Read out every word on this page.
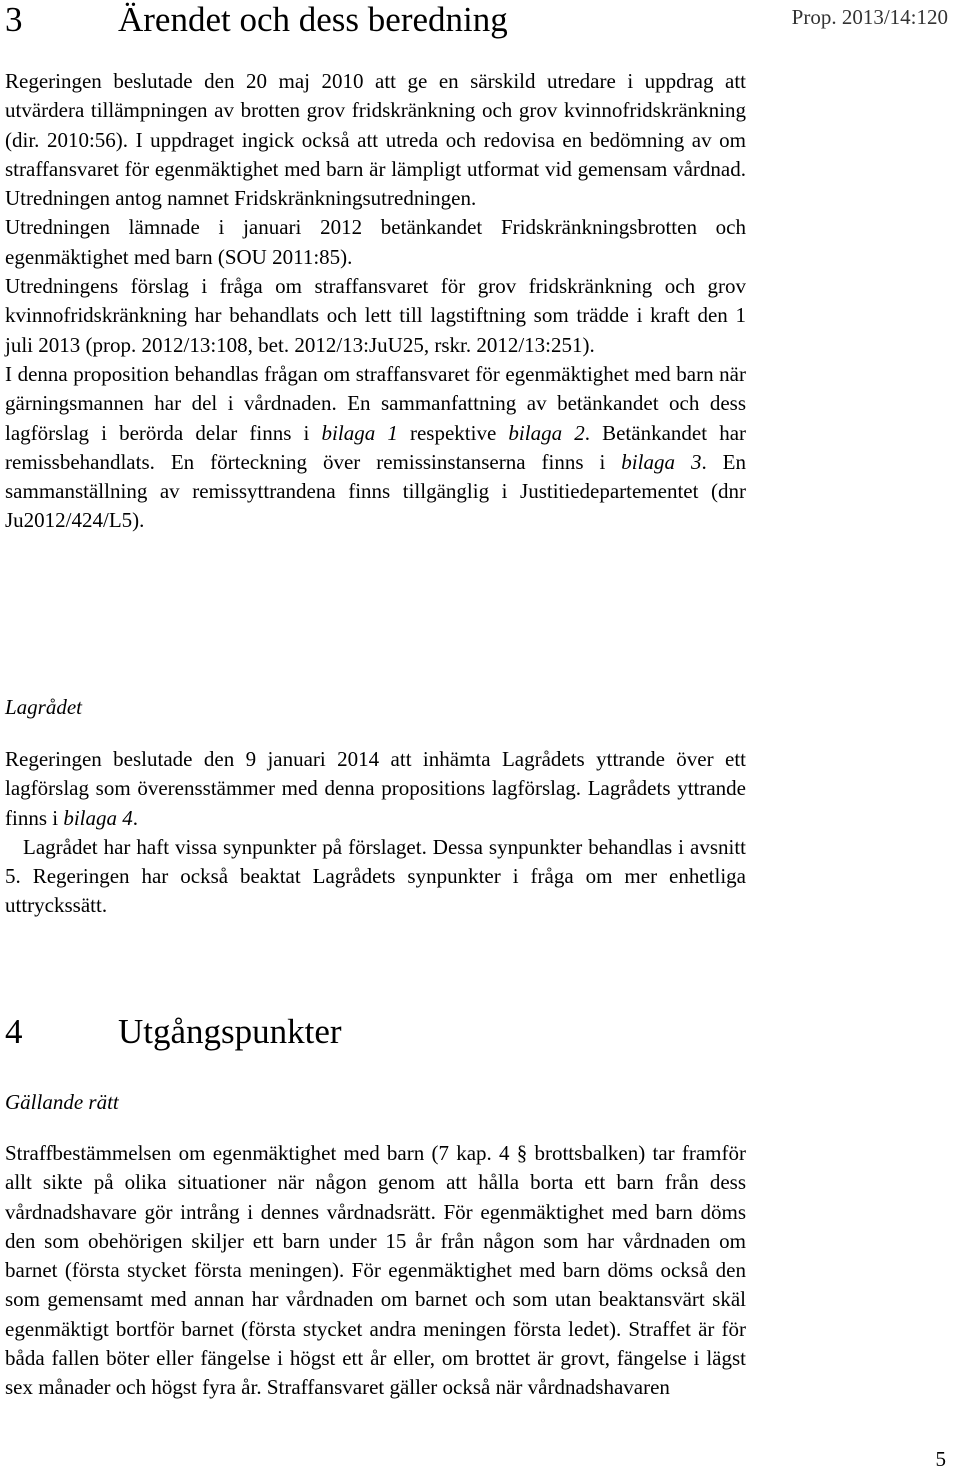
Prop. 2013/14:120
3	Ärendet och dess beredning

Regeringen beslutade den 20 maj 2010 att ge en särskild utredare i uppdrag att utvärdera tillämpningen av brotten grov fridskränkning och grov kvinnofridskränkning (dir. 2010:56). I uppdraget ingick också att utreda och redovisa en bedömning av om straffansvaret för egenmäktighet med barn är lämpligt utformat vid gemensam vårdnad. Utredningen antog namnet Fridskränkningsutredningen.

Utredningen lämnade i januari 2012 betänkandet Fridskränkningsbrotten och egenmäktighet med barn (SOU 2011:85).

Utredningens förslag i fråga om straffansvaret för grov fridskränkning och grov kvinnofridskränkning har behandlats och lett till lagstiftning som trädde i kraft den 1 juli 2013 (prop. 2012/13:108, bet. 2012/13:JuU25, rskr. 2012/13:251).

I denna proposition behandlas frågan om straffansvaret för egenmäktighet med barn när gärningsmannen har del i vårdnaden. En sammanfattning av betänkandet och dess lagförslag i berörda delar finns i bilaga 1 respektive bilaga 2. Betänkandet har remissbehandlats. En förteckning över remissinstanserna finns i bilaga 3. En sammanställning av remissyttrandena finns tillgänglig i Justitiedepartementet (dnr Ju2012/424/L5).

Lagrådet

Regeringen beslutade den 9 januari 2014 att inhämta Lagrådets yttrande över ett lagförslag som överensstämmer med denna propositions lagförslag. Lagrådets yttrande finns i bilaga 4.

Lagrådet har haft vissa synpunkter på förslaget. Dessa synpunkter behandlas i avsnitt 5. Regeringen har också beaktat Lagrådets synpunkter i fråga om mer enhetliga uttryckssätt.

4	Utgångspunkter
Gällande rätt

Straffbestämmelsen om egenmäktighet med barn (7 kap. 4 § brottsbalken) tar framför allt sikte på olika situationer när någon genom att hålla borta ett barn från dess vårdnadshavare gör intrång i dennes vårdnadsrätt. För egenmäktighet med barn döms den som obehörigen skiljer ett barn under 15 år från någon som har vårdnaden om barnet (första stycket första meningen). För egenmäktighet med barn döms också den som gemensamt med annan har vårdnaden om barnet och som utan beaktansvärt skäl egenmäktigt bortför barnet (första stycket andra meningen första ledet). Straffet är för båda fallen böter eller fängelse i högst ett år eller, om brottet är grovt, fängelse i lägst sex månader och högst fyra år. Straffansvaret gäller också när vårdnadshavaren

5
